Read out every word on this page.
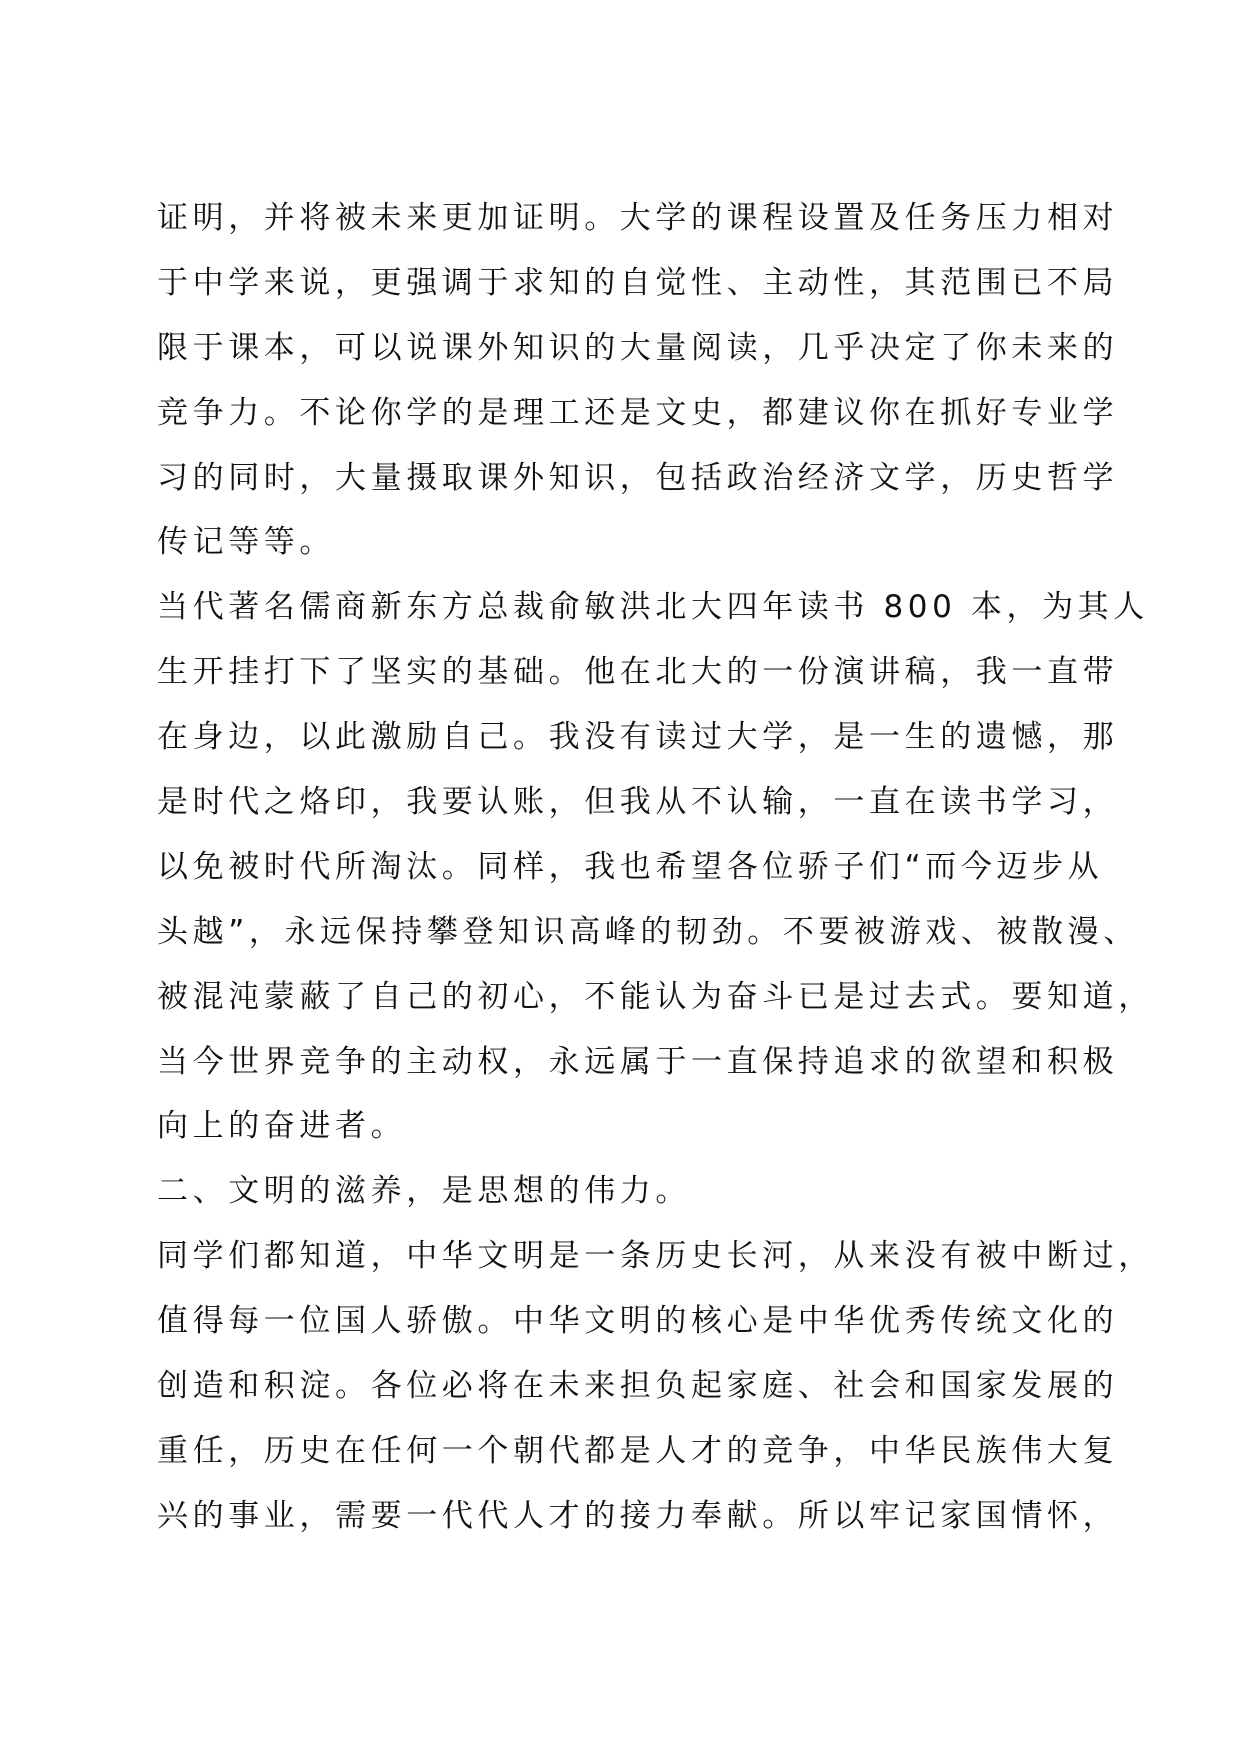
证明，并将被未来更加证明。大学的课程设置及任务压力相对
于中学来说，更强调于求知的自觉性、主动性，其范围已不局
限于课本，可以说课外知识的大量阅读，几乎决定了你未来的
竞争力。不论你学的是理工还是文史，都建议你在抓好专业学
习的同时，大量摄取课外知识，包括政治经济文学，历史哲学
传记等等。
当代著名儒商新东方总裁俞敏洪北大四年读书 800 本，为其人
生开挂打下了坚实的基础。他在北大的一份演讲稿，我一直带
在身边，以此激励自己。我没有读过大学，是一生的遗憾，那
是时代之烙印，我要认账，但我从不认输，一直在读书学习，
以免被时代所淘汰。同样，我也希望各位骄子们“而今迈步从
头越”，永远保持攀登知识高峰的韧劲。不要被游戏、被散漫、
被混沌蒙蔽了自己的初心，不能认为奋斗已是过去式。要知道，
当今世界竞争的主动权，永远属于一直保持追求的欲望和积极
向上的奋进者。
二、文明的滋养，是思想的伟力。
同学们都知道，中华文明是一条历史长河，从来没有被中断过，
值得每一位国人骄傲。中华文明的核心是中华优秀传统文化的
创造和积淀。各位必将在未来担负起家庭、社会和国家发展的
重任，历史在任何一个朝代都是人才的竞争，中华民族伟大复
兴的事业，需要一代代人才的接力奉献。所以牢记家国情怀，
